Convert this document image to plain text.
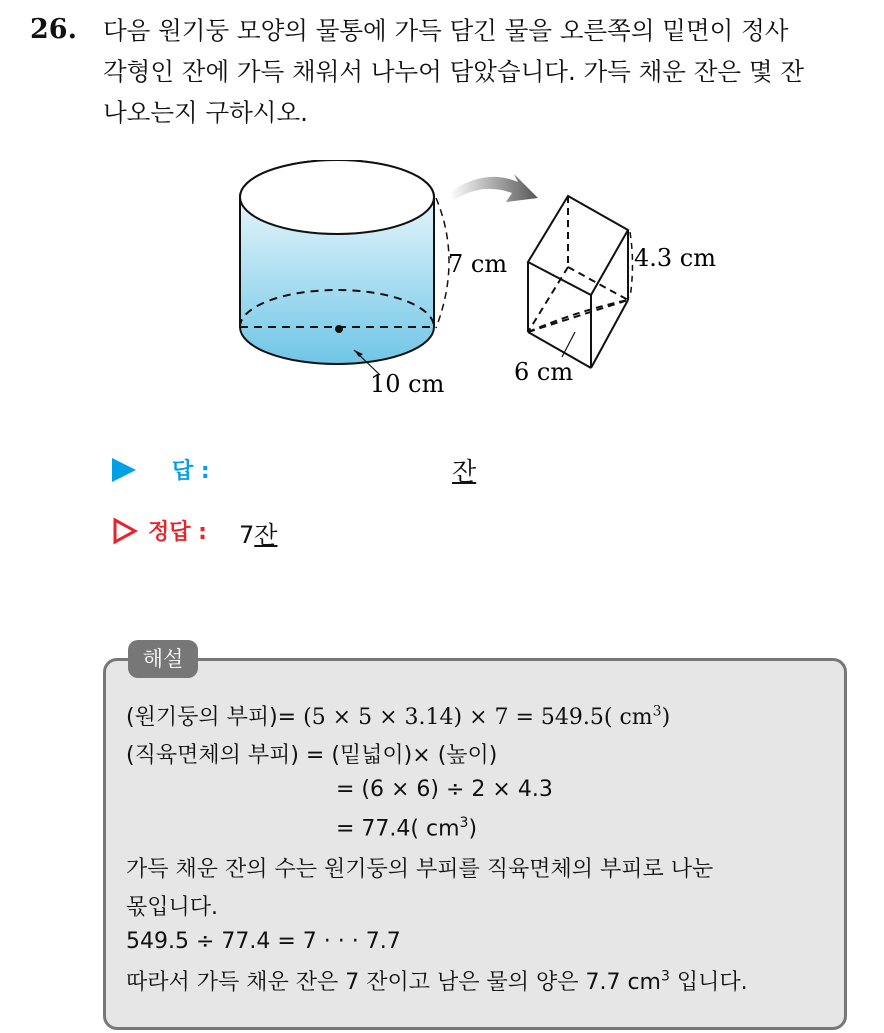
26. 다음 원기둥 모양의 물통에 가득 담긴 물을 오른쪽의 밑면이 정사
각형인 잔에 가득 채워서 나누어 담았습니다. 가득 채운 잔은 몇 잔
나오는지 구하시오.
7 cm
10 cm
4.3 cm
6 cm
답 :	잔
정답 : 7잔
해설
(원기둥의 부피)= (5 × 5 × 3.14) × 7 = 549.5( $cm^3$)
(직육면체의 부피) = (밑넓이)× (높이)
= (6 × 6) ÷ 2 × 4.3
= 77.4( $cm^3$)
가득 채운 잔의 수는 원기둥의 부피를 직육면체의 부피로 나눈
몫입니다.
549.5 ÷ 77.4 = 7 · · · 7.7
따라서 가득 채운 잔은 7 잔이고 남은 물의 양은 7.7 $cm^3$ 입니다.
